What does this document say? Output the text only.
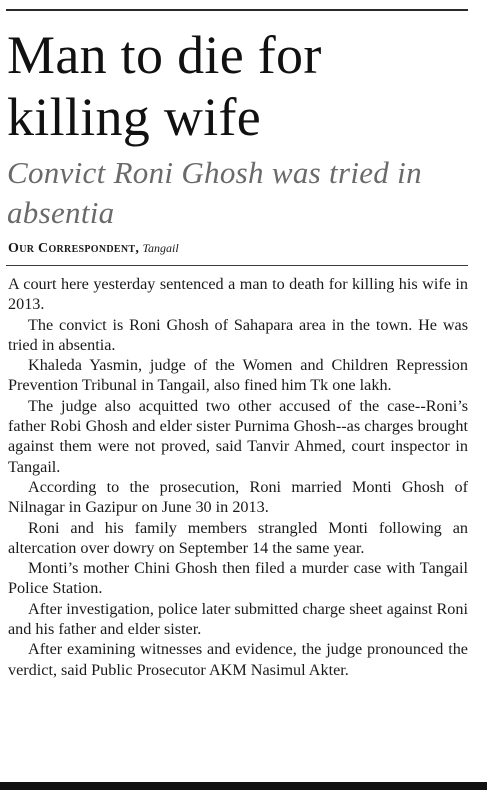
Man to die for killing wife
Convict Roni Ghosh was tried in absentia
Our Correspondent, Tangail

A court here yesterday sentenced a man to death for killing his wife in 2013.

The convict is Roni Ghosh of Sahapara area in the town. He was tried in absentia.

Khaleda Yasmin, judge of the Women and Children Repression Prevention Tribunal in Tangail, also fined him Tk one lakh.

The judge also acquitted two other accused of the case--Roni’s father Robi Ghosh and elder sister Purnima Ghosh--as charges brought against them were not proved, said Tanvir Ahmed, court inspector in Tangail.

According to the prosecution, Roni married Monti Ghosh of Nilnagar in Gazipur on June 30 in 2013.

Roni and his family members strangled Monti following an altercation over dowry on September 14 the same year.

Monti’s mother Chini Ghosh then filed a murder case with Tangail Police Station.

After investigation, police later submitted charge sheet against Roni and his father and elder sister.

After examining witnesses and evidence, the judge pronounced the verdict, said Public Prosecutor AKM Nasimul Akter.
